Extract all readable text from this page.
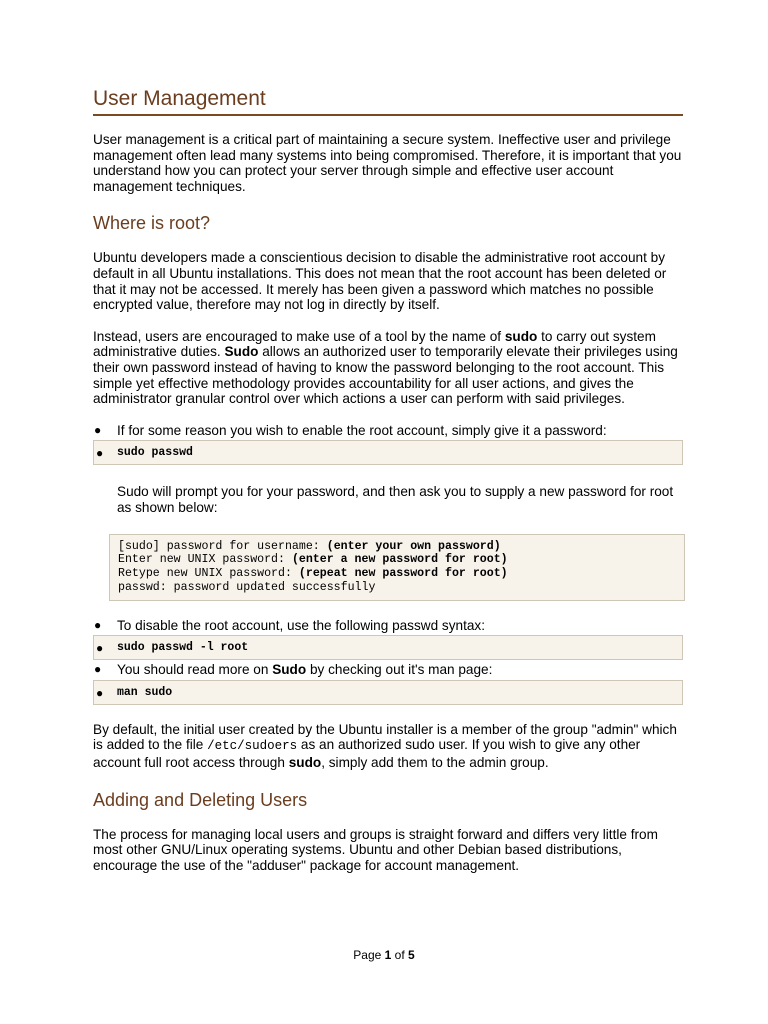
User Management

User management is a critical part of maintaining a secure system. Ineffective user and privilege management often lead many systems into being compromised. Therefore, it is important that you understand how you can protect your server through simple and effective user account management techniques.

Where is root?

Ubuntu developers made a conscientious decision to disable the administrative root account by default in all Ubuntu installations. This does not mean that the root account has been deleted or that it may not be accessed. It merely has been given a password which matches no possible encrypted value, therefore may not log in directly by itself.

Instead, users are encouraged to make use of a tool by the name of sudo to carry out system administrative duties. Sudo allows an authorized user to temporarily elevate their privileges using their own password instead of having to know the password belonging to the root account. This simple yet effective methodology provides accountability for all user actions, and gives the administrator granular control over which actions a user can perform with said privileges.

● If for some reason you wish to enable the root account, simply give it a password:
● sudo passwd

Sudo will prompt you for your password, and then ask you to supply a new password for root as shown below:

[sudo] password for username: (enter your own password)
Enter new UNIX password: (enter a new password for root)
Retype new UNIX password: (repeat new password for root)
passwd: password updated successfully
● To disable the root account, use the following passwd syntax:
● sudo passwd -l root
● You should read more on Sudo by checking out it's man page:
● man sudo

By default, the initial user created by the Ubuntu installer is a member of the group "admin" which is added to the file /etc/sudoers as an authorized sudo user. If you wish to give any other account full root access through sudo, simply add them to the admin group.

Adding and Deleting Users

The process for managing local users and groups is straight forward and differs very little from most other GNU/Linux operating systems. Ubuntu and other Debian based distributions, encourage the use of the "adduser" package for account management.

Page 1 of 5
